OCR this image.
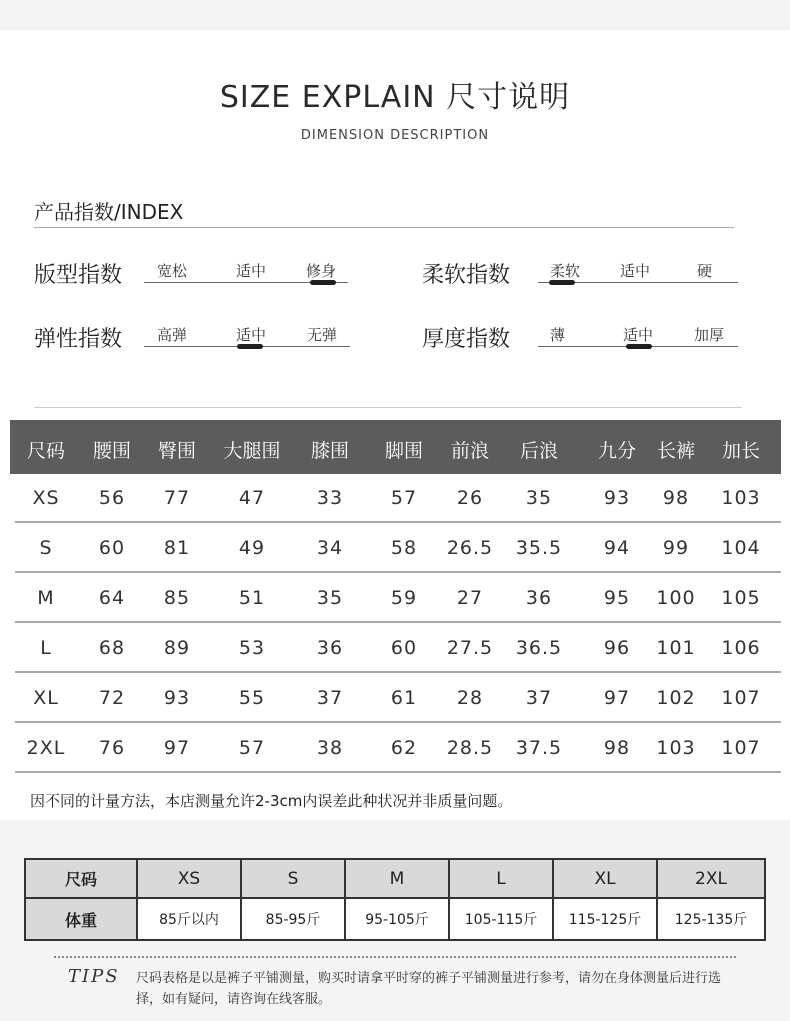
SIZE EXPLAIN 尺寸说明
DIMENSION DESCRIPTION
产品指数/INDEX
版型指数 宽松	适中	修身	柔软指数	柔软	适中	硬
弹性指数 高弹	适中	无弹	厚度指数	薄	适中	加厚
尺码 腰围 臀围 大腿围 膝围 脚围 前浪 后浪 九分 长裤 加长
XS 56 77	47	33	57 26 35	93 98 103
S 60 81	49	34	58 26.5 35.5 94 99 104
M 64 85	51	35	59 27 36	95 100 105
L 68 89	53	36	60 27.5 36.5 96 101 106
XL 72 93	55	37	61 28 37	97 102 107
2XL 76 97	57	38	62 28.5 37.5 98 103 107
因不同的计量方法，本店测量允许2-3cm内误差此种状况并非质量问题。
尺码	XS	S	M	L	XL	2XL
体重	85斤以内	85-95斤	95-105斤	105-115斤	115-125斤	125-135斤
TIPS 尺码表格是以是裤子平铺测量，购买时请拿平时穿的裤子平铺测量进行参考，请勿在身体测量后进行选择，如有疑问，请咨询在线客服。
